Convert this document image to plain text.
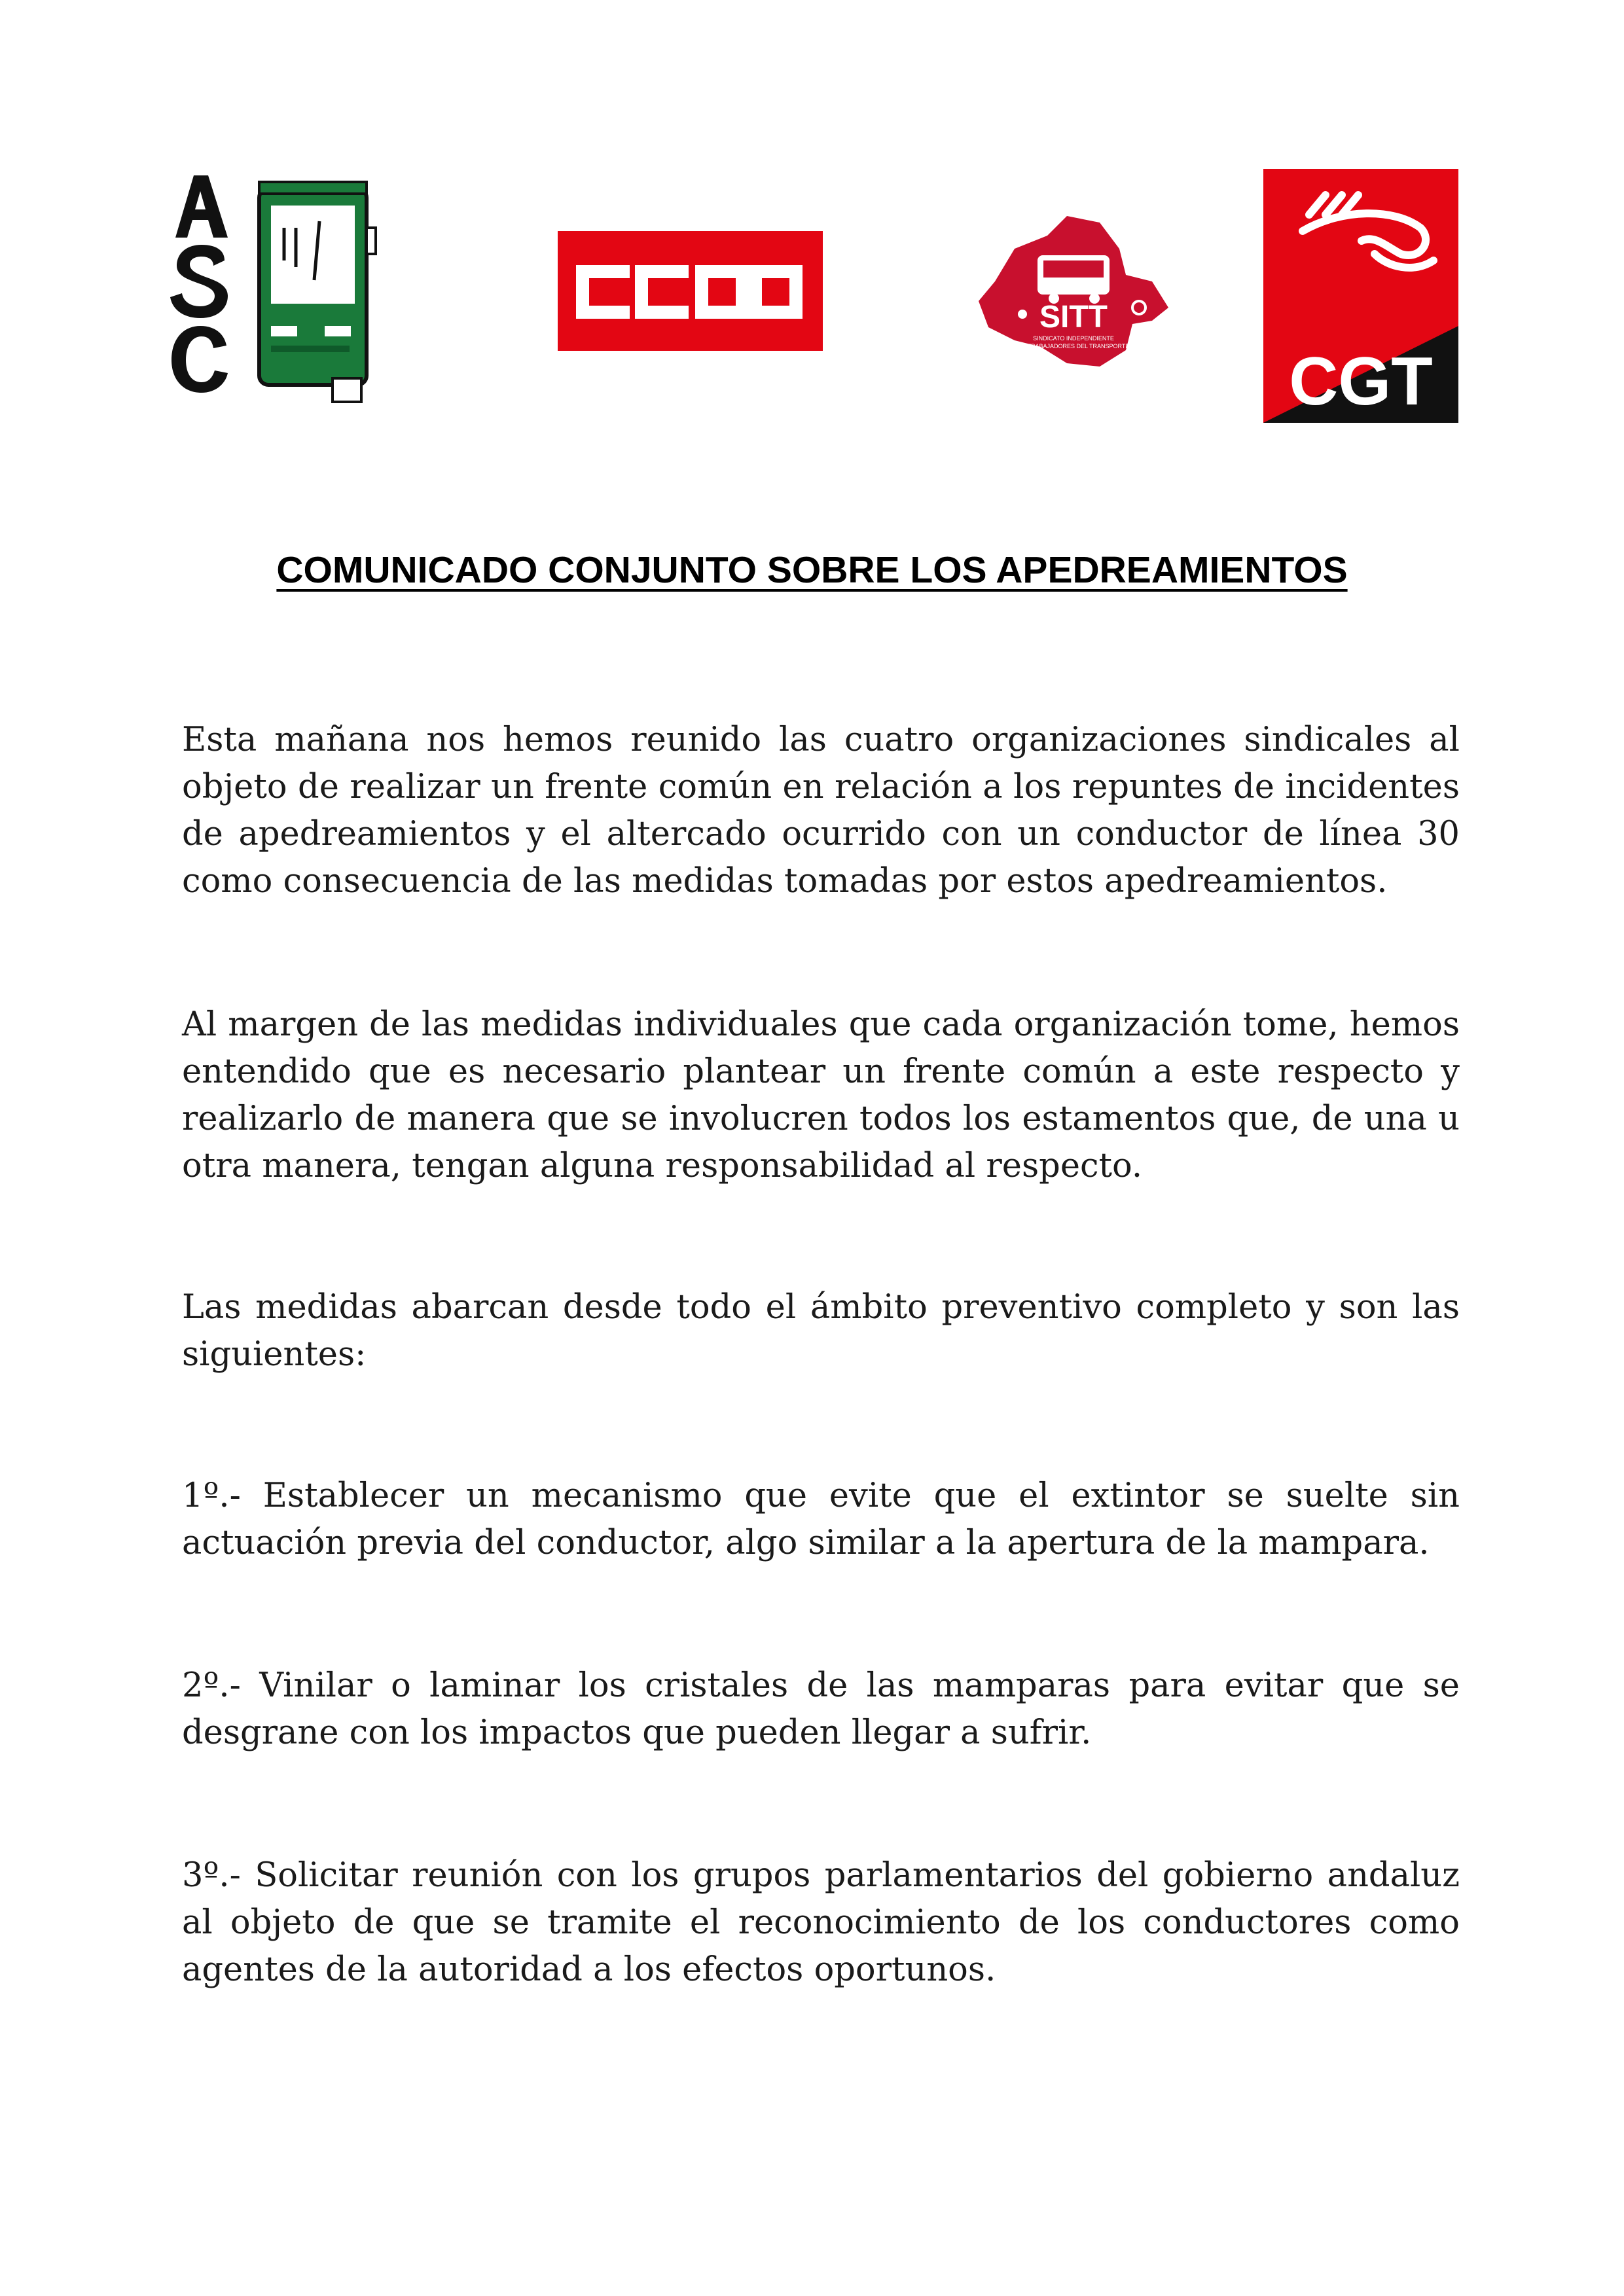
SITT
SINDICATO INDEPENDIENTE
DE TRABAJADORES DEL TRANSPORTE CGT
COMUNICADO CONJUNTO SOBRE LOS APEDREAMIENTOS

Esta mañana nos hemos reunido las cuatro organizaciones sindicales al objeto de realizar un frente común en relación a los repuntes de incidentes de apedreamientos y el altercado ocurrido con un conductor de línea 30 como consecuencia de las medidas tomadas por estos apedreamientos.

Al margen de las medidas individuales que cada organización tome, hemos entendido que es necesario plantear un frente común a este respecto y realizarlo de manera que se involucren todos los estamentos que, de una u otra manera, tengan alguna responsabilidad al respecto.

Las medidas abarcan desde todo el ámbito preventivo completo y son las siguientes:

1º.- Establecer un mecanismo que evite que el extintor se suelte sin actuación previa del conductor, algo similar a la apertura de la mampara.

2º.- Vinilar o laminar los cristales de las mamparas para evitar que se desgrane con los impactos que pueden llegar a sufrir.

3º.- Solicitar reunión con los grupos parlamentarios del gobierno andaluz al objeto de que se tramite el reconocimiento de los conductores como agentes de la autoridad a los efectos oportunos.
